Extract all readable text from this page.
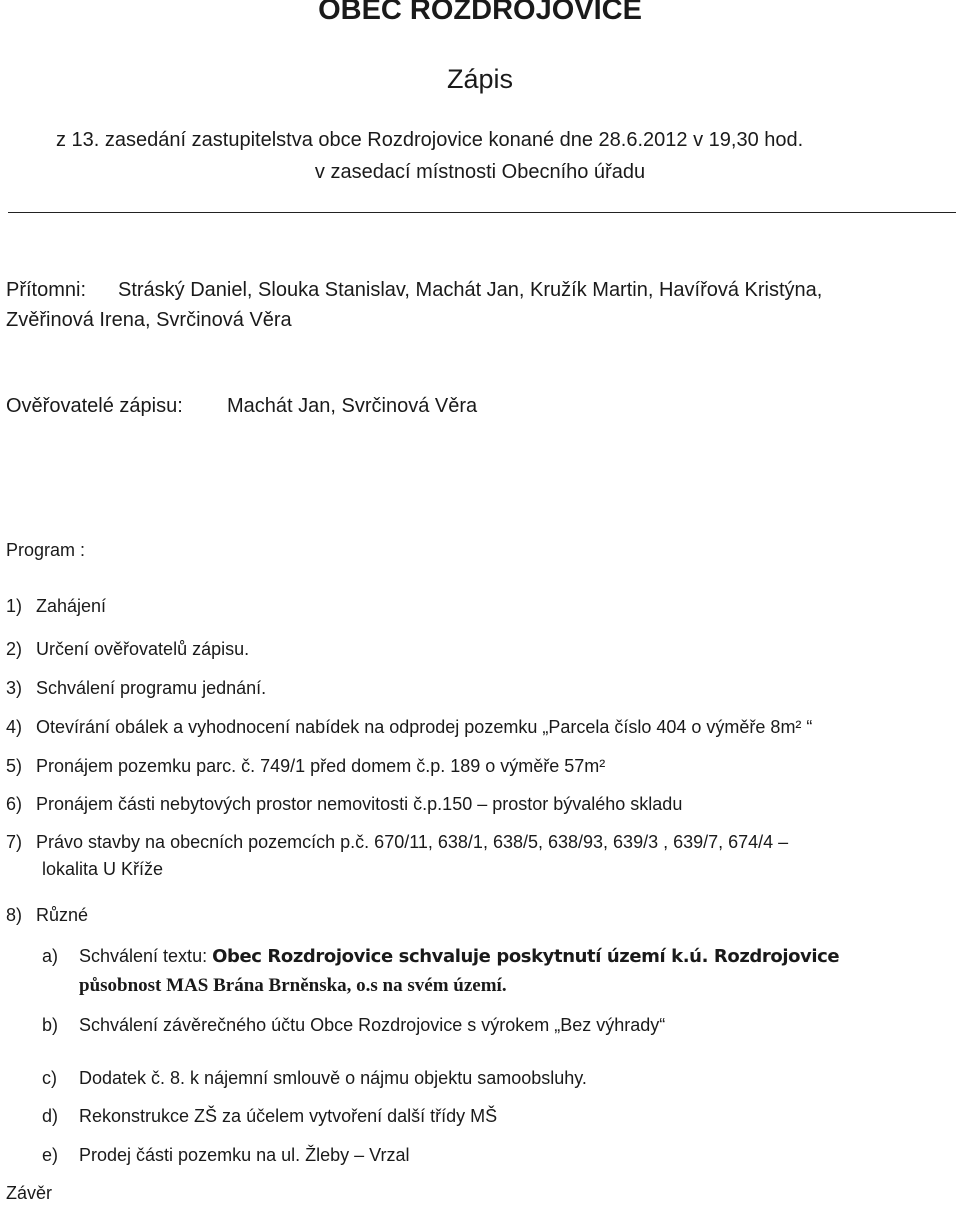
OBEC ROZDROJOVICE
Zápis
z 13. zasedání zastupitelstva obce Rozdrojovice konané dne 28.6.2012 v 19,30 hod.
v zasedací místnosti Obecního úřadu
Přítomni: Stráský Daniel, Slouka Stanislav, Machát Jan, Kružík Martin, Havířová Kristýna,
Zvěřinová Irena, Svrčinová Věra
Ověřovatelé zápisu: Machát Jan, Svrčinová Věra
Program :
1) Zahájení
2) Určení ověřovatelů zápisu.
3) Schválení programu jednání.
4) Otevírání obálek a vyhodnocení nabídek na odprodej pozemku „Parcela číslo 404 o výměře 8m² “
5) Pronájem pozemku parc. č. 749/1 před domem č.p. 189 o výměře 57m²
6) Pronájem části nebytových prostor nemovitosti č.p.150 – prostor bývalého skladu
7) Právo stavby na obecních pozemcích p.č. 670/11, 638/1, 638/5, 638/93, 639/3 , 639/7, 674/4 –
lokalita U Kříže
8) Různé
a) Schválení textu: Obec Rozdrojovice schvaluje poskytnutí území k.ú. Rozdrojovice
působnost MAS Brána Brněnska, o.s na svém území.
b) Schválení závěrečného účtu Obce Rozdrojovice s výrokem „Bez výhrady“
c) Dodatek č. 8. k nájemní smlouvě o nájmu objektu samoobsluhy.
d) Rekonstrukce ZŠ za účelem vytvoření další třídy MŠ
e) Prodej části pozemku na ul. Žleby – Vrzal
Závěr
